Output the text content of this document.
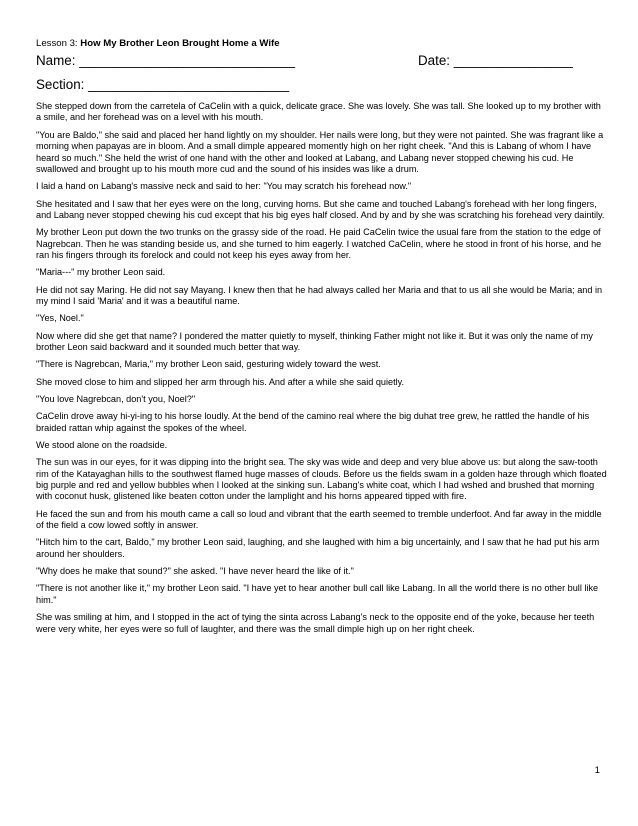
Lesson 3: How My Brother Leon Brought Home a Wife
Name: _____________________________	Date: ________________
Section: ___________________________

She stepped down from the carretela of CaCelin with a quick, delicate grace. She was lovely. She was tall. She looked up to my brother with a smile, and her forehead was on a level with his mouth.

"You are Baldo," she said and placed her hand lightly on my shoulder. Her nails were long, but they were not painted. She was fragrant like a morning when papayas are in bloom. And a small dimple appeared momently high on her right cheek. "And this is Labang of whom I have heard so much." She held the wrist of one hand with the other and looked at Labang, and Labang never stopped chewing his cud. He swallowed and brought up to his mouth more cud and the sound of his insides was like a drum.

I laid a hand on Labang's massive neck and said to her: "You may scratch his forehead now."

She hesitated and I saw that her eyes were on the long, curving horns. But she came and touched Labang's forehead with her long fingers, and Labang never stopped chewing his cud except that his big eyes half closed. And by and by she was scratching his forehead very daintily.

My brother Leon put down the two trunks on the grassy side of the road. He paid CaCelin twice the usual fare from the station to the edge of Nagrebcan. Then he was standing beside us, and she turned to him eagerly. I watched CaCelin, where he stood in front of his horse, and he ran his fingers through its forelock and could not keep his eyes away from her.

"Maria---" my brother Leon said.

He did not say Maring. He did not say Mayang. I knew then that he had always called her Maria and that to us all she would be Maria; and in my mind I said 'Maria' and it was a beautiful name.

"Yes, Noel."

Now where did she get that name? I pondered the matter quietly to myself, thinking Father might not like it. But it was only the name of my brother Leon said backward and it sounded much better that way.

"There is Nagrebcan, Maria," my brother Leon said, gesturing widely toward the west.

She moved close to him and slipped her arm through his. And after a while she said quietly.

"You love Nagrebcan, don't you, Noel?"

CaCelin drove away hi-yi-ing to his horse loudly. At the bend of the camino real where the big duhat tree grew, he rattled the handle of his braided rattan whip against the spokes of the wheel.

We stood alone on the roadside.

The sun was in our eyes, for it was dipping into the bright sea. The sky was wide and deep and very blue above us: but along the saw-tooth rim of the Katayaghan hills to the southwest flamed huge masses of clouds. Before us the fields swam in a golden haze through which floated big purple and red and yellow bubbles when I looked at the sinking sun. Labang's white coat, which I had wshed and brushed that morning with coconut husk, glistened like beaten cotton under the lamplight and his horns appeared tipped with fire.

He faced the sun and from his mouth came a call so loud and vibrant that the earth seemed to tremble underfoot. And far away in the middle of the field a cow lowed softly in answer.

"Hitch him to the cart, Baldo," my brother Leon said, laughing, and she laughed with him a big uncertainly, and I saw that he had put his arm around her shoulders.

"Why does he make that sound?" she asked. "I have never heard the like of it."

"There is not another like it," my brother Leon said. "I have yet to hear another bull call like Labang. In all the world there is no other bull like him."

She was smiling at him, and I stopped in the act of tying the sinta across Labang's neck to the opposite end of the yoke, because her teeth were very white, her eyes were so full of laughter, and there was the small dimple high up on her right cheek.

1
